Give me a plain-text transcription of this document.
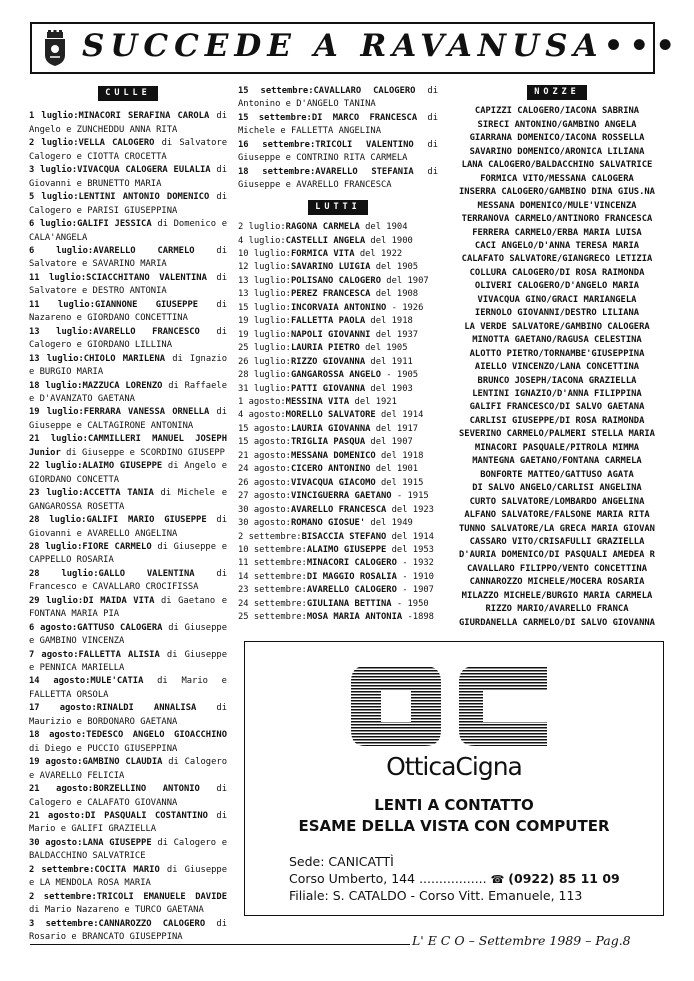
SUCCEDE A RAVANUSA•••
CULLE
1 luglio:MINACORI SERAFINA CAROLA di Angelo e ZUNCHEDDU ANNA RITA
2 luglio:VELLA CALOGERO di Salvatore Calogero e CIOTTA CROCETTA
3 luglio:VIVACQUA CALOGERA EULALIA di Giovanni e BRUNETTO MARIA
5 luglio:LENTINI ANTONIO DOMENICO di Calogero e PARISI GIUSEPPINA
6 luglio:GALIFI JESSICA di Domenico e CALA'ANGELA
6 luglio:AVARELLO CARMELO di Salvatore e SAVARINO MARIA
11 luglio:SCIACCHITANO VALENTINA di Salvatore e DESTRO ANTONIA
11 luglio:GIANNONE GIUSEPPE di Nazareno e GIORDANO CONCETTINA
13 luglio:AVARELLO FRANCESCO di Calogero e GIORDANO LILLINA
13 luglio:CHIOLO MARILENA di Ignazio e BURGIO MARIA
18 luglio:MAZZUCA LORENZO di Raffaele e D'AVANZATO GAETANA
19 luglio:FERRARA VANESSA ORNELLA di Giuseppe e CALTAGIRONE ANTONINA
21 luglio:CAMMILLERI MANUEL JOSEPH Junior di Giuseppe e SCORDINO GIUSEPP
22 luglio:ALAIMO GIUSEPPE di Angelo e GIORDANO CONCETTA
23 luglio:ACCETTA TANIA di Michele e GANGAROSSA ROSETTA
28 luglio:GALIFI MARIO GIUSEPPE di Giovanni e AVARELLO ANGELINA
28 luglio:FIORE CARMELO di Giuseppe e CAPPELLO ROSARIA
28 luglio:GALLO VALENTINA di Francesco e CAVALLARO CROCIFISSA
29 luglio:DI MAIDA VITA di Gaetano e FONTANA MARIA PIA
6 agosto:GATTUSO CALOGERA di Giuseppe e GAMBINO VINCENZA
7 agosto:FALLETTA ALISIA di Giuseppe e PENNICA MARIELLA
14 agosto:MULE'CATIA di Mario e FALLETTA ORSOLA
17 agosto:RINALDI ANNALISA di Maurizio e BORDONARO GAETANA
18 agosto:TEDESCO ANGELO GIOACCHINO di Diego e PUCCIO GIUSEPPINA
19 agosto:GAMBINO CLAUDIA di Calogero e AVARELLO FELICIA
21 agosto:BORZELLINO ANTONIO di Calogero e CALAFATO GIOVANNA
21 agosto:DI PASQUALI COSTANTINO di Mario e GALIFI GRAZIELLA
30 agosto:LANA GIUSEPPE di Calogero e BALDACCHINO SALVATRICE
2 settembre:COCITA MARIO di Giuseppe e LA MENDOLA ROSA MARIA
2 settembre:TRICOLI EMANUELE DAVIDE di Mario Nazareno e TURCO GAETANA
3 settembre:CANNAROZZO CALOGERO di Rosario e BRANCATO GIUSEPPINA
15 settembre:CAVALLARO CALOGERO di Antonino e D'ANGELO TANINA
15 settembre:DI MARCO FRANCESCA di Michele e FALLETTA ANGELINA
16 settembre:TRICOLI VALENTINO di Giuseppe e CONTRINO RITA CARMELA
18 settembre:AVARELLO STEFANIA di Giuseppe e AVARELLO FRANCESCA
LUTTI
2 luglio:RAGONA CARMELA del 1904
4 luglio:CASTELLI ANGELA del 1900
10 luglio:FORMICA VITA del 1922
12 luglio:SAVARINO LUIGIA del 1905
13 luglio:POLISANO CALOGERO del 1907
13 luglio:PEREZ FRANCESCA del 1908
15 luglio:INCORVAIA ANTONINO - 1926
19 luglio:FALLETTA PAOLA del 1918
19 luglio:NAPOLI GIOVANNI del 1937
25 luglio:LAURIA PIETRO del 1905
26 luglio:RIZZO GIOVANNA del 1911
28 luglio:GANGAROSSA ANGELO - 1905
31 luglio:PATTI GIOVANNA del 1903
1 agosto:MESSINA VITA del 1921
4 agosto:MORELLO SALVATORE del 1914
15 agosto:LAURIA GIOVANNA del 1917
15 agosto:TRIGLIA PASQUA del 1907
21 agosto:MESSANA DOMENICO del 1918
24 agosto:CICERO ANTONINO del 1901
26 agosto:VIVACQUA GIACOMO del 1915
27 agosto:VINCIGUERRA GAETANO - 1915
30 agosto:AVARELLO FRANCESCA del 1923
30 agosto:ROMANO GIOSUE' del 1949
2 settembre:BISACCIA STEFANO del 1914
10 settembre:ALAIMO GIUSEPPE del 1953
11 settembre:MINACORI CALOGERO - 1932
14 settembre:DI MAGGIO ROSALIA - 1910
23 settembre:AVARELLO CALOGERO - 1907
24 settembre:GIULIANA BETTINA - 1950
25 settembre:MOSA MARIA ANTONIA -1898
NOZZE
CAPIZZI CALOGERO/IACONA SABRINA
SIRECI ANTONINO/GAMBINO ANGELA
GIARRANA DOMENICO/IACONA ROSSELLA
SAVARINO DOMENICO/ARONICA LILIANA
LANA CALOGERO/BALDACCHINO SALVATRICE
FORMICA VITO/MESSANA CALOGERA
INSERRA CALOGERO/GAMBINO DINA GIUS.NA
MESSANA DOMENICO/MULE'VINCENZA
TERRANOVA CARMELO/ANTINORO FRANCESCA
FERRERA CARMELO/ERBA MARIA LUISA
CACI ANGELO/D'ANNA TERESA MARIA
CALAFATO SALVATORE/GIANGRECO LETIZIA
COLLURA CALOGERO/DI ROSA RAIMONDA
OLIVERI CALOGERO/D'ANGELO MARIA
VIVACQUA GINO/GRACI MARIANGELA
IERNOLO GIOVANNI/DESTRO LILIANA
LA VERDE SALVATORE/GAMBINO CALOGERA
MINOTTA GAETANO/RAGUSA CELESTINA
ALOTTO PIETRO/TORNAMBE'GIUSEPPINA
AIELLO VINCENZO/LANA CONCETTINA
BRUNCO JOSEPH/IACONA GRAZIELLA
LENTINI IGNAZIO/D'ANNA FILIPPINA
GALIFI FRANCESCO/DI SALVO GAETANA
CARLISI GIUSEPPE/DI ROSA RAIMONDA
SEVERINO CARMELO/PALMERI STELLA MARIA
MINACORI PASQUALE/PITROLA MIMMA
MANTEGNA GAETANO/FONTANA CARMELA
BONFORTE MATTEO/GATTUSO AGATA
DI SALVO ANGELO/CARLISI ANGELINA
CURTO SALVATORE/LOMBARDO ANGELINA
ALFANO SALVATORE/FALSONE MARIA RITA
TUNNO SALVATORE/LA GRECA MARIA GIOVAN
CASSARO VITO/CRISAFULLI GRAZIELLA
D'AURIA DOMENICO/DI PASQUALI AMEDEA R
CAVALLARO FILIPPO/VENTO CONCETTINA
CANNAROZZO MICHELE/MOCERA ROSARIA
MILAZZO MICHELE/BURGIO MARIA CARMELA
RIZZO MARIO/AVARELLO FRANCA
GIURDANELLA CARMELO/DI SALVO GIOVANNA
OtticaCigna
LENTI A CONTATTO
ESAME DELLA VISTA CON COMPUTER
Sede: CANICATTÌ
Corso Umberto, 144 ................. ☎ (0922) 85 11 09
Filiale: S. CATALDO - Corso Vitt. Emanuele, 113
L' E C O – Settembre 1989 – Pag.8
